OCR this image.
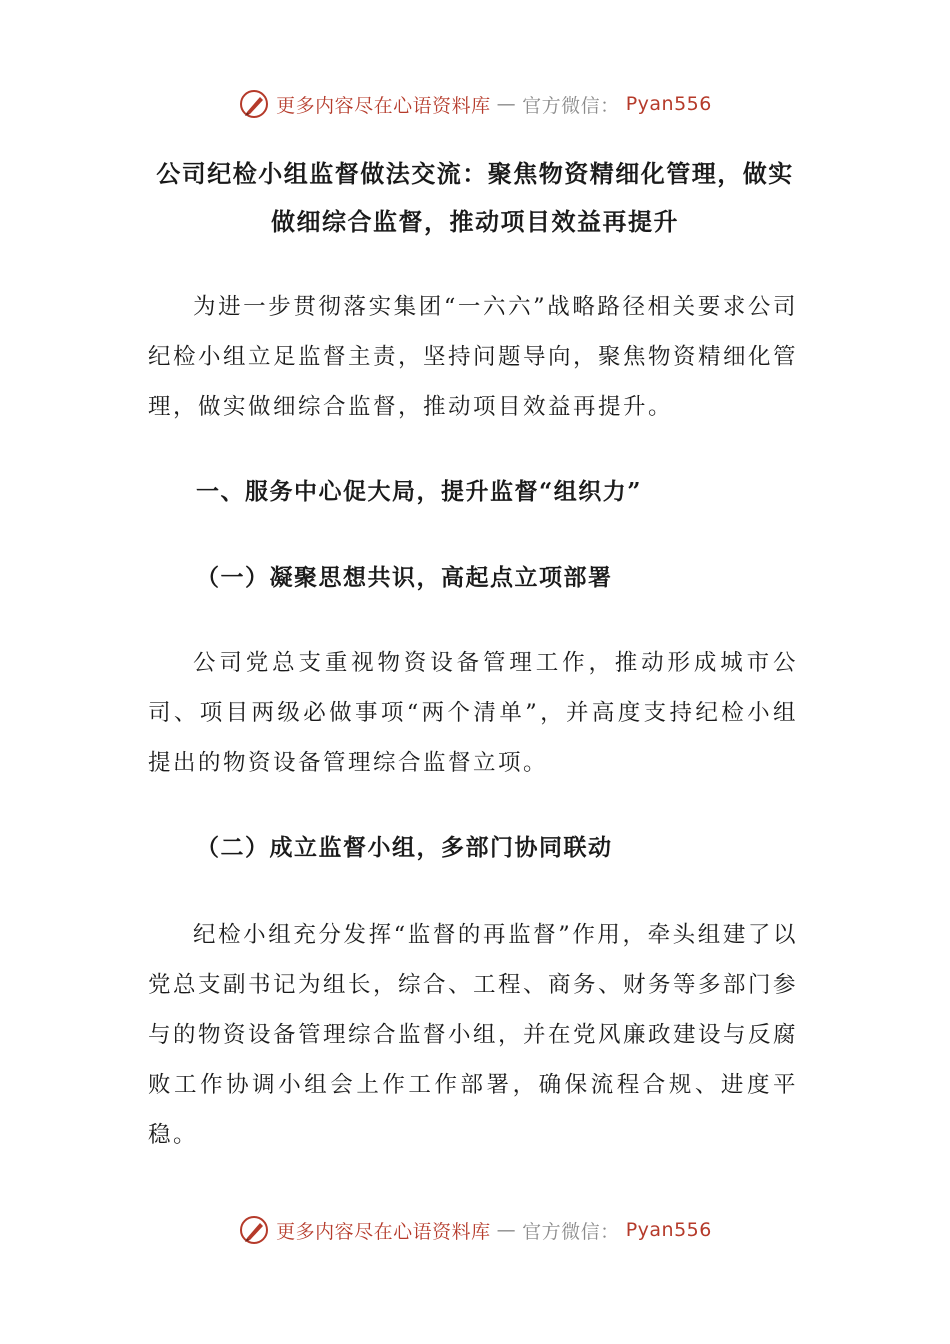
更多内容尽在心语资料库 — 官方微信： Pyan556
公司纪检小组监督做法交流：聚焦物资精细化管理，做实做细综合监督，推动项目效益再提升
为进一步贯彻落实集团“一六六”战略路径相关要求公司纪检小组立足监督主责，坚持问题导向，聚焦物资精细化管理，做实做细综合监督，推动项目效益再提升。
一、服务中心促大局，提升监督“组织力”
（一）凝聚思想共识，高起点立项部署
公司党总支重视物资设备管理工作，推动形成城市公司、项目两级必做事项“两个清单”，并高度支持纪检小组提出的物资设备管理综合监督立项。
（二）成立监督小组，多部门协同联动
纪检小组充分发挥“监督的再监督”作用，牵头组建了以党总支副书记为组长，综合、工程、商务、财务等多部门参与的物资设备管理综合监督小组，并在党风廉政建设与反腐败工作协调小组会上作工作部署，确保流程合规、进度平稳。
更多内容尽在心语资料库 — 官方微信： Pyan556
